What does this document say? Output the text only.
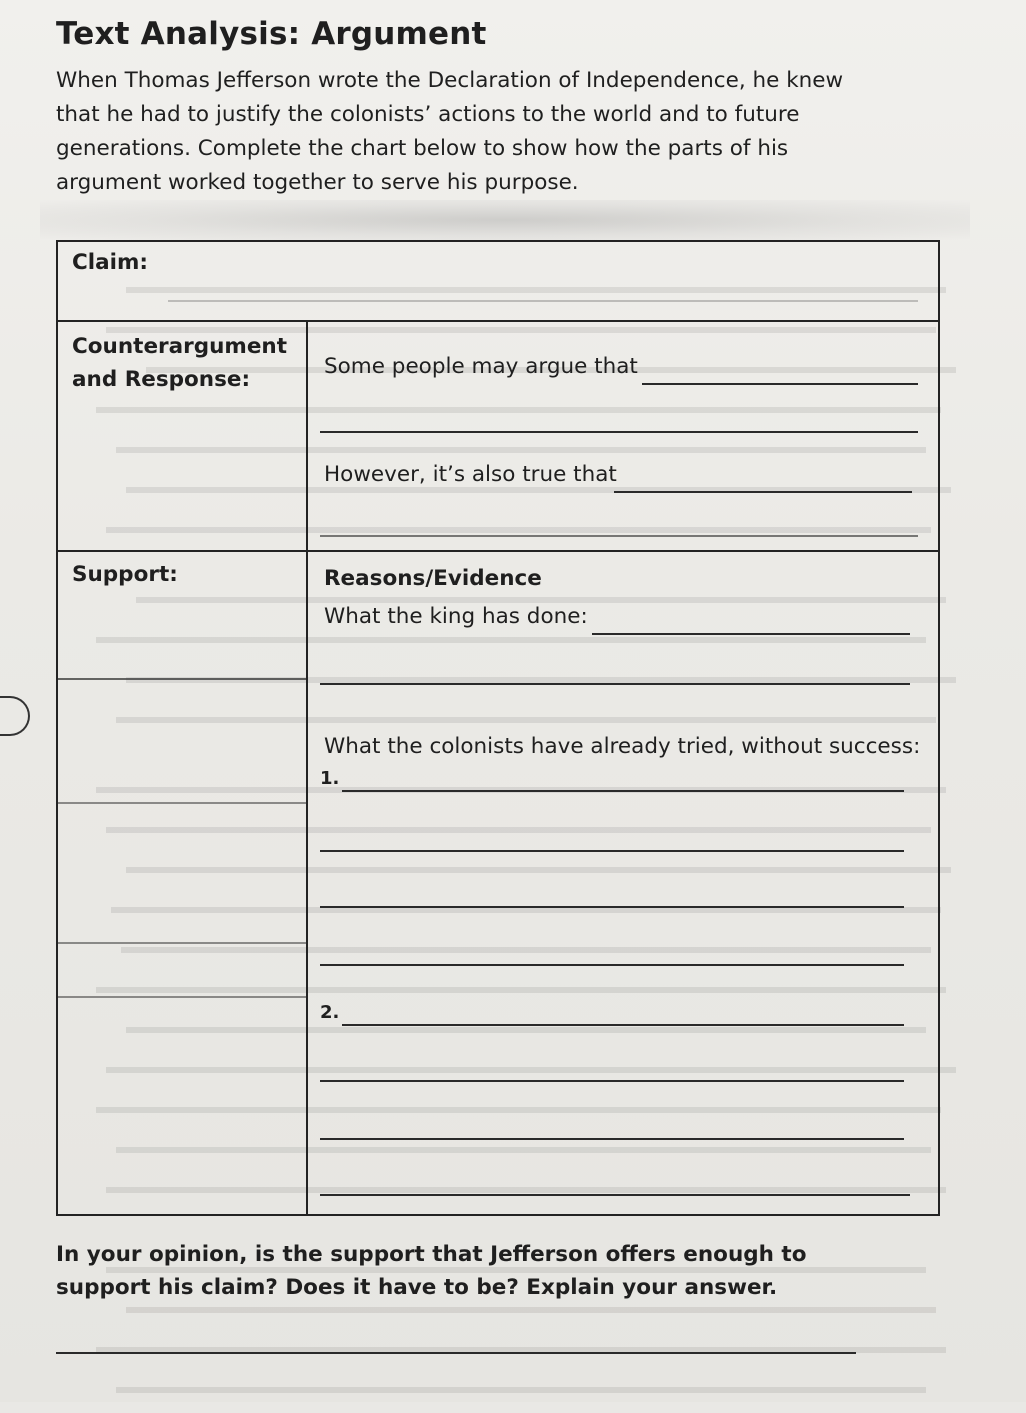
Text Analysis: Argument
When Thomas Jefferson wrote the Declaration of Independence, he knew that he had to justify the colonists’ actions to the world and to future generations. Complete the chart below to show how the parts of his argument worked together to serve his purpose.
Claim:
Counterargument
and Response:
Some people may argue that
However, it’s also true that
Support:	Reasons/Evidence
What the king has done:
What the colonists have already tried, without success:
1.
2.
In your opinion, is the support that Jefferson offers enough to support his claim? Does it have to be? Explain your answer.
